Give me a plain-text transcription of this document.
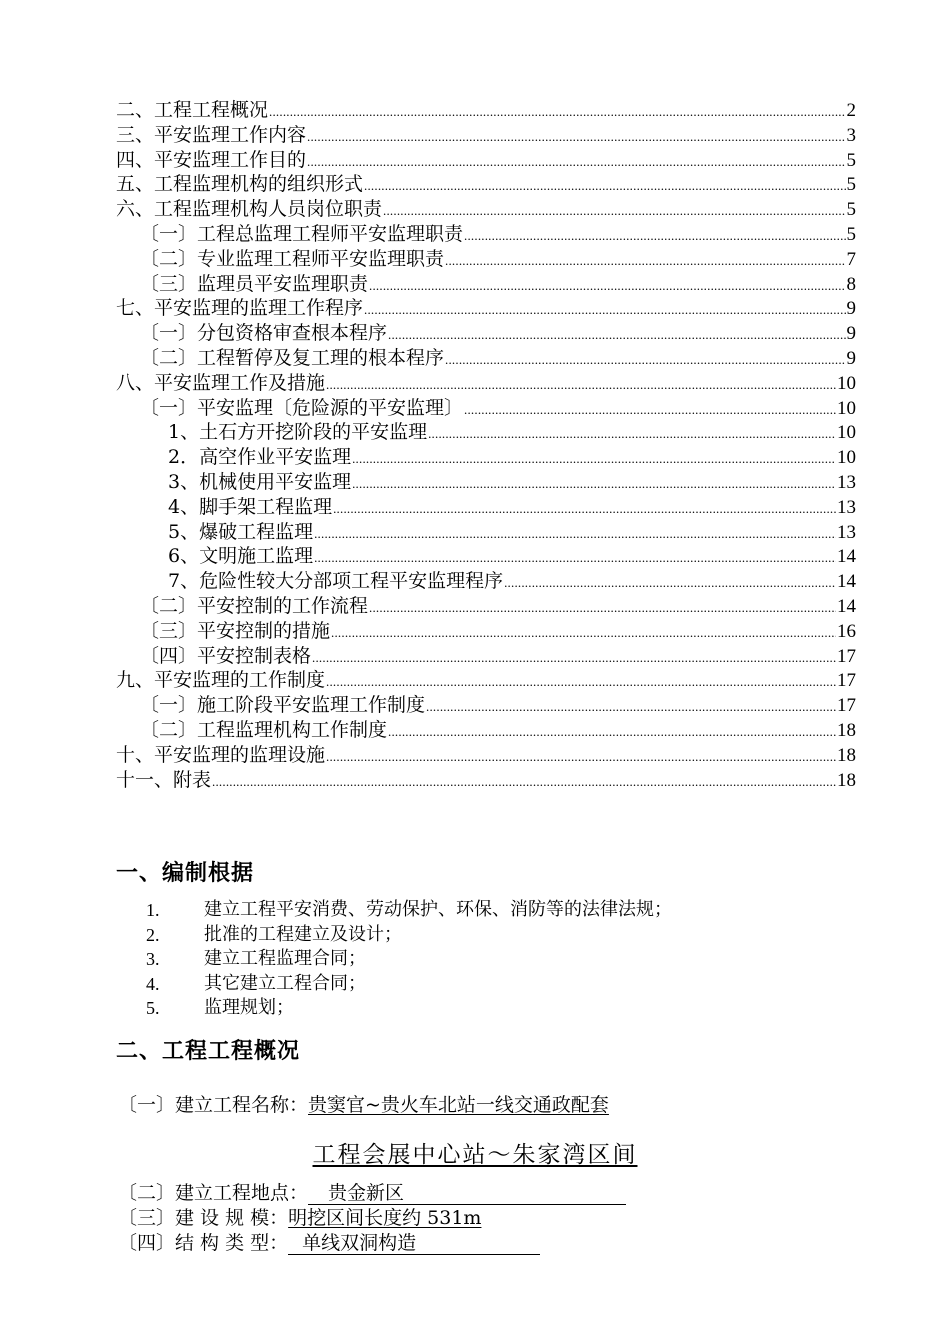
二、工程工程概况 .....	2
三、平安监理工作内容 .....	3
四、平安监理工作目的 .....	5
五、工程监理机构的组织形式 .....	5
六、工程监理机构人员岗位职责 .....	5
〔一〕工程总监理工程师平安监理职责 .....	5
〔二〕专业监理工程师平安监理职责 .....	7
〔三〕监理员平安监理职责 .....	8
七、平安监理的监理工作程序 .....	9
〔一〕分包资格审查根本程序 .....	9
〔二〕工程暂停及复工理的根本程序 .....	9
八、平安监理工作及措施 .....	10
〔一〕平安监理〔危险源的平安监理〕 .....	10
1、土石方开挖阶段的平安监理 .....	10
2．高空作业平安监理 .....	10
3、机械使用平安监理 .....	13
4、脚手架工程监理 .....	13
5、爆破工程监理 .....	13
6、文明施工监理 .....	14
7、危险性较大分部项工程平安监理程序 .....	14
〔二〕平安控制的工作流程 .....	14
〔三〕平安控制的措施 .....	16
〔四〕平安控制表格 .....	17
九、平安监理的工作制度 .....	17
〔一〕施工阶段平安监理工作制度 .....	17
〔二〕工程监理机构工作制度 .....	18
十、平安监理的监理设施 .....	18
十一、附表 .....	18
一、编制根据
1.	建立工程平安消费、劳动保护、环保、消防等的法律法规；
2.	批准的工程建立及设计；
3.	建立工程监理合同；
4.	其它建立工程合同；
5.	监理规划；
二、工程工程概况
〔一〕建立工程名称：贵窦官~贵火车北站一线交通政配套
工程会展中心站～朱家湾区间
〔二〕建立工程地点： 贵金新区
〔三〕建 设 规 模：明挖区间长度约 531m
〔四〕结 构 类 型： 单线双洞构造
